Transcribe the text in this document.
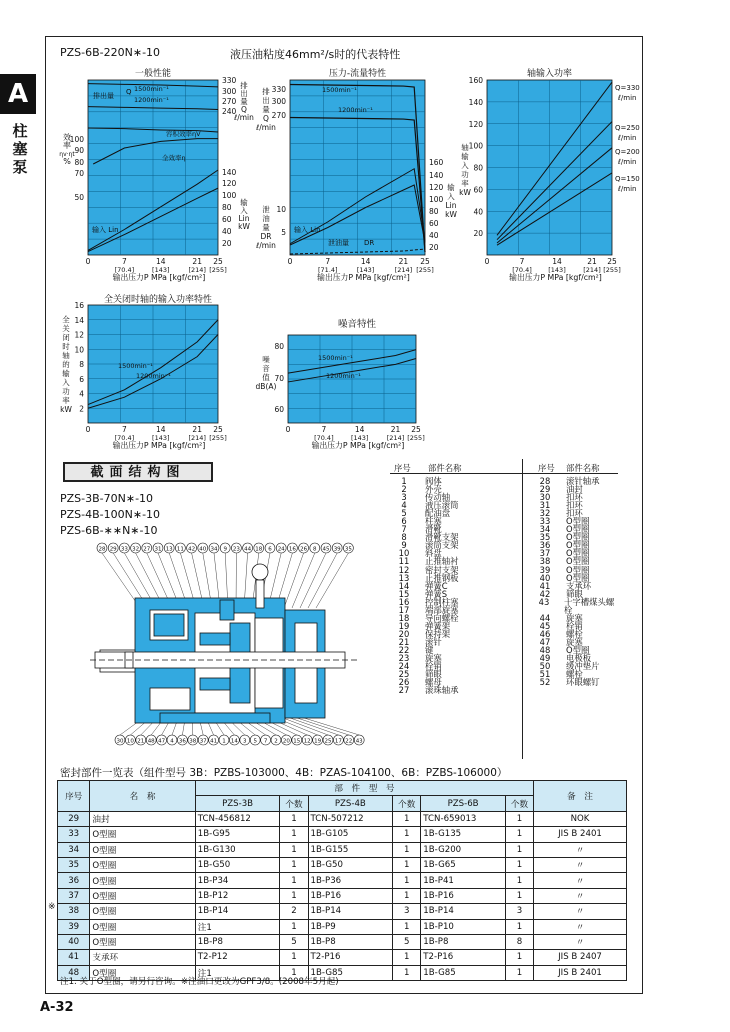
A
柱塞泵
PZS-6B-220N∗-10	液压油粘度46mm²/s时的代表特性
一般性能
100
90
80
70
50
效
率
ηv·ηt
%
330
300
270
240
140
120
100
80
60
40
20
排
出
量
Q
ℓ/min
输
入
Lin
kW
0	7	14	21 25
[70.4]	[143]	[214] [255]
输出压力P MPa [kgf/cm²]
排出量 Q 1500min⁻¹
1200min⁻¹
容积效率ηV
全效率η
输入 Lin
压力-流量特性
排
出
量
Q
ℓ/min
330
300
270
泄
油
量
DR
ℓ/min
10
5
160
140
120
100
80
60
40
20
输
入
Lin
kW
0	7	14	21 25
[71.4]	[143]	[214] [255]
输出压力P MPa [kgf/cm²]
1500min⁻¹
1200min⁻¹
输入 Lin
泄油量 DR
轴输入功率
160
140
120
100
80
60
40
20
轴
输
入
功
率
kW
0	7	14	21 25
[70.4]	[143]	[214] [255]
输出压力P MPa [kgf/cm²]
Q=330
ℓ/min
Q=250
ℓ/min
Q=200
ℓ/min
Q=150
ℓ/min
全关闭时轴的输入功率特性
16
14
12
10
8
6
4
2
全
关
闭
时
轴
的
输
入
功
率
kW
0	7	14	21 25
[70.4]	[143]	[214] [255]
输出压力P MPa [kgf/cm²]
1500min⁻¹
1200min⁻¹
噪音特性
80
70
60
噪
音
值
dB(A)
0	7	14	21 25
[70.4]	[143]	[214] [255]
输出压力P MPa [kgf/cm²]
1500min⁻¹
1200min⁻¹
截面结构图
PZS-3B-70N∗-10
PZS-4B-100N∗-10
PZS-6B-∗∗N∗-10
28 29 33 32 27 31 13 11 42 40 34 9 23 44 18 6 24 16 26 8 45 39 35
30 10 21 48 47 4 36 38 37 41 1 14 3 5 7 2 20 15 12 19 25 17 22 43
序号 部件名称	序号 部件名称
1	阀体
2	外壳
3	传动轴
4	液压滚筒
5	配油盘
6	柱塞
7	滑靴
8	滑靴支架
9	滚筒支架
10	斜盘
11	止推轴衬
12	密封支架
13	止推钢板
14	弹簧C
15	弹簧S
16	控制柱塞
17	端部旋塞
18	导向螺栓
19	弹簧架
20	保持架
21	滚针
22	键
23	旋塞
24	栓销
25	筛眼
26	螺母
27	滚珠轴承
28	滚针轴承
29	油封
30	扣环
31	扣环
32	扣环
33	O型圈
34	O型圈
35	O型圈
36	O型圈
37	O型圈
38	O型圈
39	O型圈
40	O型圈
41	支承环
42	筛眼
43	十字槽煤头螺栓
44	旋塞
45	栓销
46	螺栓
47	旋塞
48	O型圈
49	电极板
50	缓冲垫片
51	螺栓
52	环眼螺钉
密封部件一览表（组件型号 3B：PZBS-103000、4B：PZAS-104100、6B：PZBS-106000）
※
序号	名　称	部　件　型　号						备　注
		PZS-3B	个数	PZS-4B	个数	PZS-6B	个数	
29	油封	TCN-456812	1	TCN-507212	1	TCN-659013	1	NOK
33	O型圈	1B-G95	1	1B-G105	1	1B-G135	1	JIS B 2401
34	O型圈	1B-G130	1	1B-G155	1	1B-G200	1	〃
35	O型圈	1B-G50	1	1B-G50	1	1B-G65	1	〃
36	O型圈	1B-P34	1	1B-P36	1	1B-P41	1	〃
37	O型圈	1B-P12	1	1B-P16	1	1B-P16	1	〃
38	O型圈	1B-P14	2	1B-P14	3	1B-P14	3	〃
39	O型圈	注1	1	1B-P9	1	1B-P10	1	〃
40	O型圈	1B-P8	5	1B-P8	5	1B-P8	8	〃
41	支承环	T2-P12	1	T2-P16	1	T2-P16	1	JIS B 2407
48	O型圈	注1	1	1B-G85	1	1B-G85	1	JIS B 2401
注1. 关于O型圈，请另行咨询。※注油口更改为GPF3/8。(2008年5月起)
A-32
